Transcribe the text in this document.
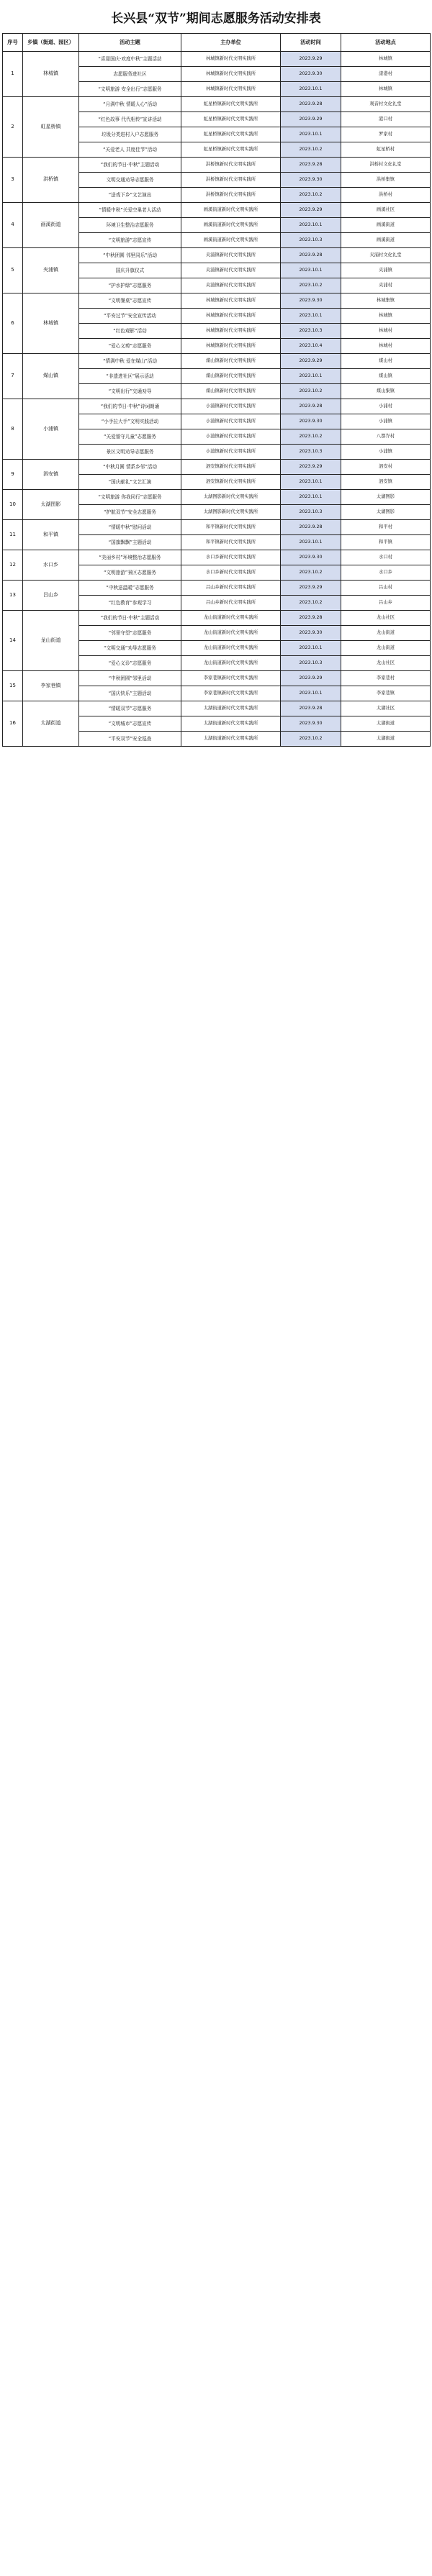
长兴县“双节”期间志愿服务活动安排表
序号	乡镇（街道、园区）	活动主题	主办单位	活动时间	活动地点
1	林城镇	“喜迎国庆·欢度中秋”主题活动	林城镇新时代文明实践所	2023.9.29	林城镇
		志愿服务进社区	林城镇新时代文明实践所	2023.9.30	漾港村
		“文明旅游 安全出行”志愿服务	林城镇新时代文明实践所	2023.10.1	林城镇
2	虹星桥镇	“月满中秋 情暖人心”活动	虹星桥镇新时代文明实践所	2023.9.28	观音村文化礼堂
		“红色故事 代代相传”宣讲活动	虹星桥镇新时代文明实践所	2023.9.29	港口村
		垃圾分类进村入户志愿服务	虹星桥镇新时代文明实践所	2023.10.1	罗家村
		“关爱老人 共度佳节”活动	虹星桥镇新时代文明实践所	2023.10.2	虹星桥村
3	洪桥镇	“我们的节日·中秋”主题活动	洪桥镇新时代文明实践所	2023.9.28	洪桥村文化礼堂
		文明交通劝导志愿服务	洪桥镇新时代文明实践所	2023.9.30	洪桥集镇
		“送戏下乡”文艺演出	洪桥镇新时代文明实践所	2023.10.2	洪桥村
4	画溪街道	“情暖中秋”关爱空巢老人活动	画溪街道新时代文明实践所	2023.9.29	画溪社区
		环境卫生整治志愿服务	画溪街道新时代文明实践所	2023.10.1	画溪街道
		“文明旅游”志愿宣传	画溪街道新时代文明实践所	2023.10.3	画溪街道
5	夹浦镇	“中秋团圆 邻里同乐”活动	夹浦镇新时代文明实践所	2023.9.28	夹浦村文化礼堂
		国庆升旗仪式	夹浦镇新时代文明实践所	2023.10.1	夹浦镇
		“护水护绿”志愿服务	夹浦镇新时代文明实践所	2023.10.2	夹浦村
6	林城镇	“文明餐桌”志愿宣传	林城镇新时代文明实践所	2023.9.30	林城集镇
		“平安过节”安全宣传活动	林城镇新时代文明实践所	2023.10.1	林城镇
		“红色观影”活动	林城镇新时代文明实践所	2023.10.3	林城村
		“爱心义剪”志愿服务	林城镇新时代文明实践所	2023.10.4	林城村
7	煤山镇	“情满中秋 爱在煤山”活动	煤山镇新时代文明实践所	2023.9.29	煤山村
		“非遗进社区”展示活动	煤山镇新时代文明实践所	2023.10.1	煤山镇
		“文明出行”交通劝导	煤山镇新时代文明实践所	2023.10.2	煤山集镇
8	小浦镇	“我们的节日·中秋”诗词朗诵	小浦镇新时代文明实践所	2023.9.28	小浦村
		“小手拉大手”文明实践活动	小浦镇新时代文明实践所	2023.9.30	小浦镇
		“关爱留守儿童”志愿服务	小浦镇新时代文明实践所	2023.10.2	八都岕村
		景区文明劝导志愿服务	小浦镇新时代文明实践所	2023.10.3	小浦镇
9	泗安镇	“中秋月圆 情系乡邻”活动	泗安镇新时代文明实践所	2023.9.29	泗安村
		“国庆献礼”文艺汇演	泗安镇新时代文明实践所	2023.10.1	泗安镇
10	太湖图影	“文明旅游 你我同行”志愿服务	太湖图影新时代文明实践所	2023.10.1	太湖图影
		“护航双节”安全志愿服务	太湖图影新时代文明实践所	2023.10.3	太湖图影
11	和平镇	“情暖中秋”慰问活动	和平镇新时代文明实践所	2023.9.28	和平村
		“国旗飘飘”主题活动	和平镇新时代文明实践所	2023.10.1	和平镇
12	水口乡	“美丽乡村”环境整治志愿服务	水口乡新时代文明实践所	2023.9.30	水口村
		“文明旅游”景区志愿服务	水口乡新时代文明实践所	2023.10.2	水口乡
13	吕山乡	“中秋送温暖”志愿服务	吕山乡新时代文明实践所	2023.9.29	吕山村
		“红色教育”参观学习	吕山乡新时代文明实践所	2023.10.2	吕山乡
14	龙山街道	“我们的节日·中秋”主题活动	龙山街道新时代文明实践所	2023.9.28	龙山社区
		“邻里守望”志愿服务	龙山街道新时代文明实践所	2023.9.30	龙山街道
		“文明交通”劝导志愿服务	龙山街道新时代文明实践所	2023.10.1	龙山街道
		“爱心义诊”志愿服务	龙山街道新时代文明实践所	2023.10.3	龙山社区
15	李家巷镇	“中秋团圆”邻里活动	李家巷镇新时代文明实践所	2023.9.29	李家巷村
		“国庆快乐”主题活动	李家巷镇新时代文明实践所	2023.10.1	李家巷镇
16	太湖街道	“情暖双节”志愿服务	太湖街道新时代文明实践所	2023.9.28	太湖社区
		“文明城市”志愿宣传	太湖街道新时代文明实践所	2023.9.30	太湖街道
		“平安双节”安全巡查	太湖街道新时代文明实践所	2023.10.2	太湖街道
